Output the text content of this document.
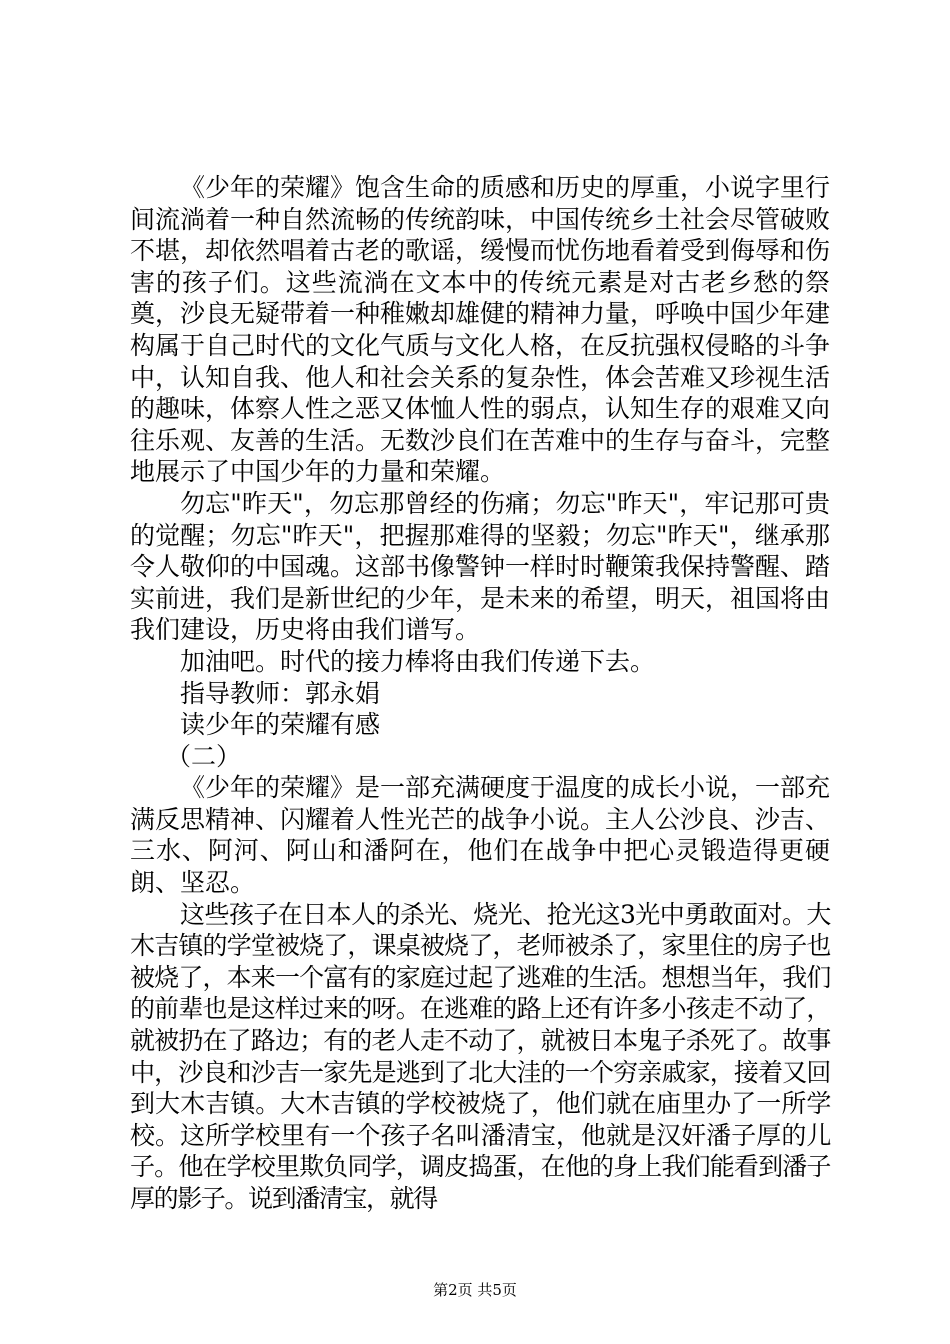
《少年的荣耀》饱含生命的质感和历史的厚重，小说字里行间流淌着一种自然流畅的传统韵味，中国传统乡土社会尽管破败不堪，却依然唱着古老的歌谣，缓慢而忧伤地看着受到侮辱和伤害的孩子们。这些流淌在文本中的传统元素是对古老乡愁的祭奠，沙良无疑带着一种稚嫩却雄健的精神力量，呼唤中国少年建构属于自己时代的文化气质与文化人格，在反抗强权侵略的斗争中，认知自我、他人和社会关系的复杂性，体会苦难又珍视生活的趣味，体察人性之恶又体恤人性的弱点，认知生存的艰难又向往乐观、友善的生活。无数沙良们在苦难中的生存与奋斗，完整地展示了中国少年的力量和荣耀。

勿忘"昨天"，勿忘那曾经的伤痛；勿忘"昨天"，牢记那可贵的觉醒；勿忘"昨天"，把握那难得的坚毅；勿忘"昨天"，继承那令人敬仰的中国魂。这部书像警钟一样时时鞭策我保持警醒、踏实前进，我们是新世纪的少年，是未来的希望，明天，祖国将由我们建设，历史将由我们谱写。

加油吧。时代的接力棒将由我们传递下去。

指导教师：郭永娟

读少年的荣耀有感

（二）

《少年的荣耀》是一部充满硬度于温度的成长小说，一部充满反思精神、闪耀着人性光芒的战争小说。主人公沙良、沙吉、三水、阿河、阿山和潘阿在，他们在战争中把心灵锻造得更硬朗、坚忍。

这些孩子在日本人的杀光、烧光、抢光这3光中勇敢面对。大木吉镇的学堂被烧了，课桌被烧了，老师被杀了，家里住的房子也被烧了，本来一个富有的家庭过起了逃难的生活。想想当年，我们的前辈也是这样过来的呀。在逃难的路上还有许多小孩走不动了，就被扔在了路边；有的老人走不动了，就被日本鬼子杀死了。故事中，沙良和沙吉一家先是逃到了北大洼的一个穷亲戚家，接着又回到大木吉镇。大木吉镇的学校被烧了，他们就在庙里办了一所学校。这所学校里有一个孩子名叫潘清宝，他就是汉奸潘子厚的儿子。他在学校里欺负同学，调皮捣蛋，在他的身上我们能看到潘子厚的影子。说到潘清宝，就得

第2页 共5页
